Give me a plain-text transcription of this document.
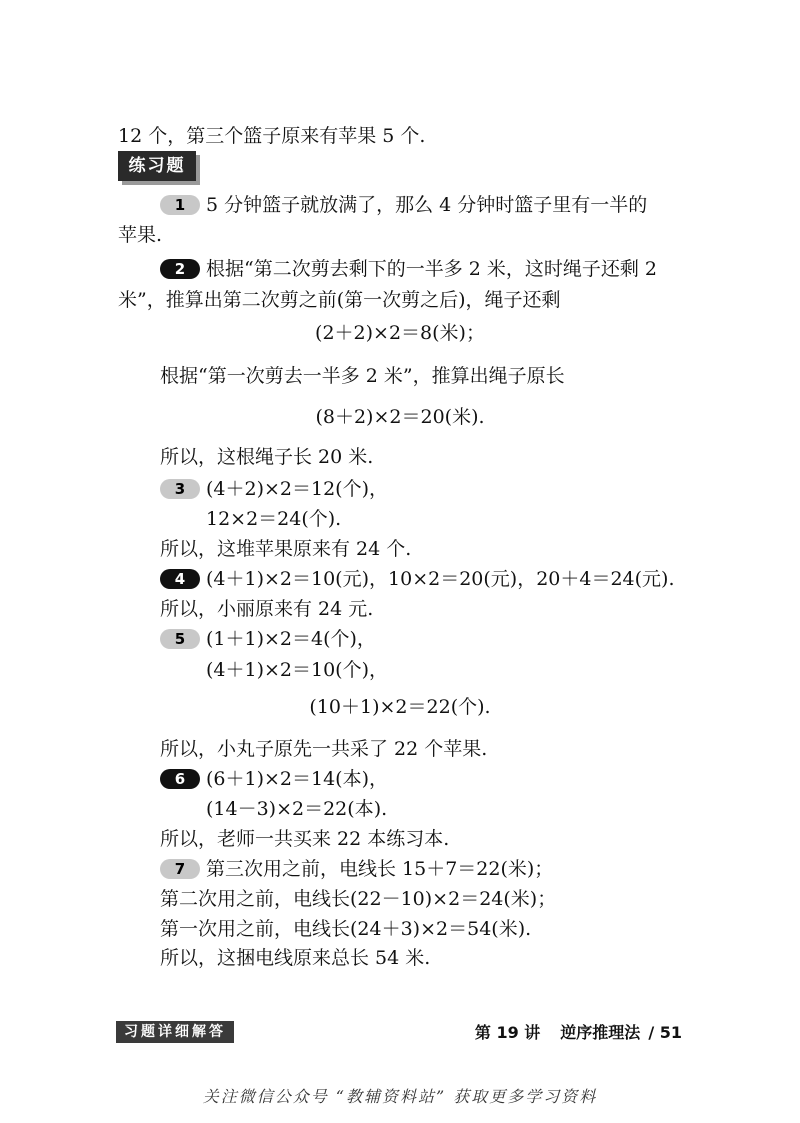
12 个，第三个篮子原来有苹果 5 个.
练习题
1 5 分钟篮子就放满了，那么 4 分钟时篮子里有一半的
苹果.
2 根据“第二次剪去剩下的一半多 2 米，这时绳子还剩 2
米”，推算出第二次剪之前(第一次剪之后)，绳子还剩
(2＋2)×2＝8(米)；
根据“第一次剪去一半多 2 米”，推算出绳子原长
(8＋2)×2＝20(米).
所以，这根绳子长 20 米.
3 (4＋2)×2＝12(个)，
12×2＝24(个).
所以，这堆苹果原来有 24 个.
4 (4＋1)×2＝10(元)，10×2＝20(元)，20＋4＝24(元).
所以，小丽原来有 24 元.
5 (1＋1)×2＝4(个)，
(4＋1)×2＝10(个)，
(10＋1)×2＝22(个).
所以，小丸子原先一共采了 22 个苹果.
6 (6＋1)×2＝14(本)，
(14－3)×2＝22(本).
所以，老师一共买来 22 本练习本.
7 第三次用之前，电线长 15＋7＝22(米)；
第二次用之前，电线长(22－10)×2＝24(米)；
第一次用之前，电线长(24＋3)×2＝54(米).
所以，这捆电线原来总长 54 米.
习题详细解答	第 19 讲 逆序推理法 / 51
关注微信公众号 “教辅资料站” 获取更多学习资料
